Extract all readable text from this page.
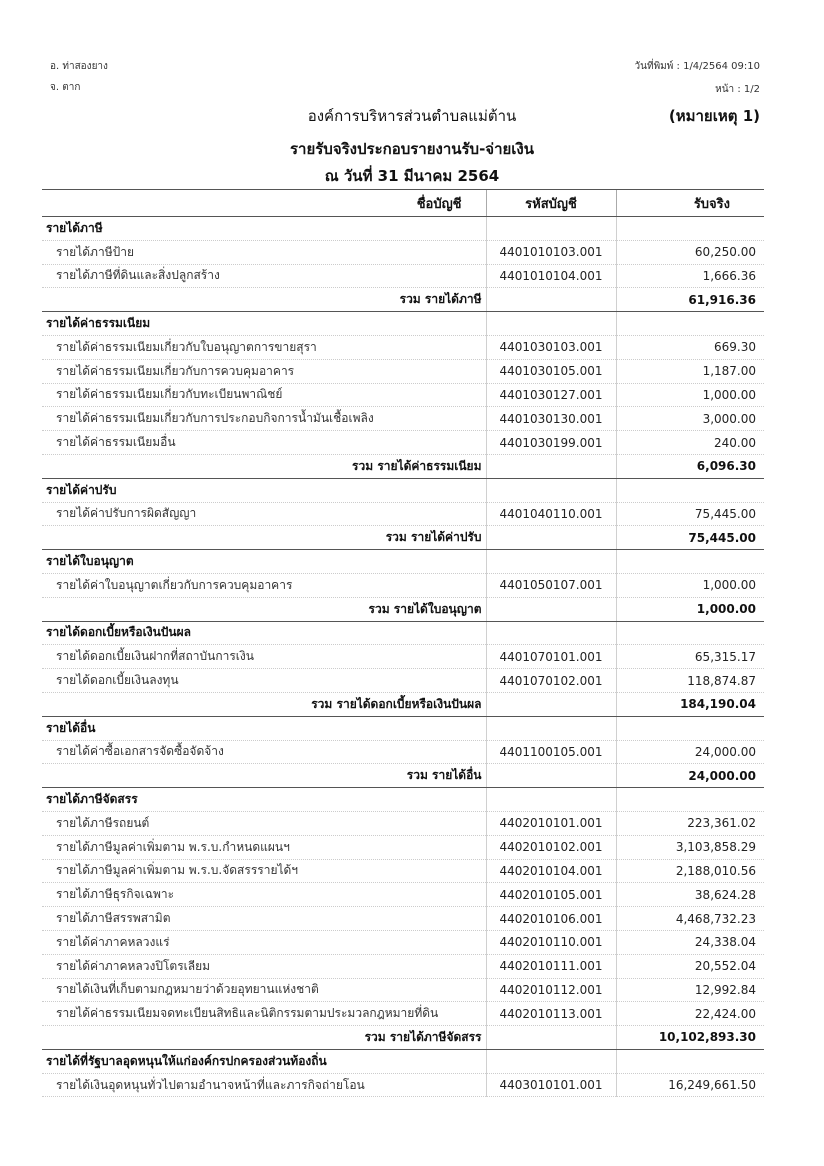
อ. ท่าสองยาง
จ. ตาก
วันที่พิมพ์ : 1/4/2564 09:10
หน้า : 1/2
องค์การบริหารส่วนตำบลแม่ต้าน	(หมายเหตุ 1)
รายรับจริงประกอบรายงานรับ-จ่ายเงิน
ณ วันที่ 31 มีนาคม 2564
ชื่อบัญชี	รหัสบัญชี	รับจริง
รายได้ภาษี		
รายได้ภาษีป้าย	4401010103.001	60,250.00
รายได้ภาษีที่ดินและสิ่งปลูกสร้าง	4401010104.001	1,666.36
รวม รายได้ภาษี		61,916.36
รายได้ค่าธรรมเนียม		
รายได้ค่าธรรมเนียมเกี่ยวกับใบอนุญาตการขายสุรา	4401030103.001	669.30
รายได้ค่าธรรมเนียมเกี่ยวกับการควบคุมอาคาร	4401030105.001	1,187.00
รายได้ค่าธรรมเนียมเกี่ยวกับทะเบียนพาณิชย์	4401030127.001	1,000.00
รายได้ค่าธรรมเนียมเกี่ยวกับการประกอบกิจการน้ำมันเชื้อเพลิง	4401030130.001	3,000.00
รายได้ค่าธรรมเนียมอื่น	4401030199.001	240.00
รวม รายได้ค่าธรรมเนียม		6,096.30
รายได้ค่าปรับ		
รายได้ค่าปรับการผิดสัญญา	4401040110.001	75,445.00
รวม รายได้ค่าปรับ		75,445.00
รายได้ใบอนุญาต		
รายได้ค่าใบอนุญาตเกี่ยวกับการควบคุมอาคาร	4401050107.001	1,000.00
รวม รายได้ใบอนุญาต		1,000.00
รายได้ดอกเบี้ยหรือเงินปันผล		
รายได้ดอกเบี้ยเงินฝากที่สถาบันการเงิน	4401070101.001	65,315.17
รายได้ดอกเบี้ยเงินลงทุน	4401070102.001	118,874.87
รวม รายได้ดอกเบี้ยหรือเงินปันผล		184,190.04
รายได้อื่น		
รายได้ค่าซื้อเอกสารจัดซื้อจัดจ้าง	4401100105.001	24,000.00
รวม รายได้อื่น		24,000.00
รายได้ภาษีจัดสรร		
รายได้ภาษีรถยนต์	4402010101.001	223,361.02
รายได้ภาษีมูลค่าเพิ่มตาม พ.ร.บ.กำหนดแผนฯ	4402010102.001	3,103,858.29
รายได้ภาษีมูลค่าเพิ่มตาม พ.ร.บ.จัดสรรรายได้ฯ	4402010104.001	2,188,010.56
รายได้ภาษีธุรกิจเฉพาะ	4402010105.001	38,624.28
รายได้ภาษีสรรพสามิต	4402010106.001	4,468,732.23
รายได้ค่าภาคหลวงแร่	4402010110.001	24,338.04
รายได้ค่าภาคหลวงปิโตรเลียม	4402010111.001	20,552.04
รายได้เงินที่เก็บตามกฎหมายว่าด้วยอุทยานแห่งชาติ	4402010112.001	12,992.84
รายได้ค่าธรรมเนียมจดทะเบียนสิทธิและนิติกรรมตามประมวลกฎหมายที่ดิน	4402010113.001	22,424.00
รวม รายได้ภาษีจัดสรร		10,102,893.30
รายได้ที่รัฐบาลอุดหนุนให้แก่องค์กรปกครองส่วนท้องถิ่น		
รายได้เงินอุดหนุนทั่วไปตามอำนาจหน้าที่และภารกิจถ่ายโอน	4403010101.001	16,249,661.50
